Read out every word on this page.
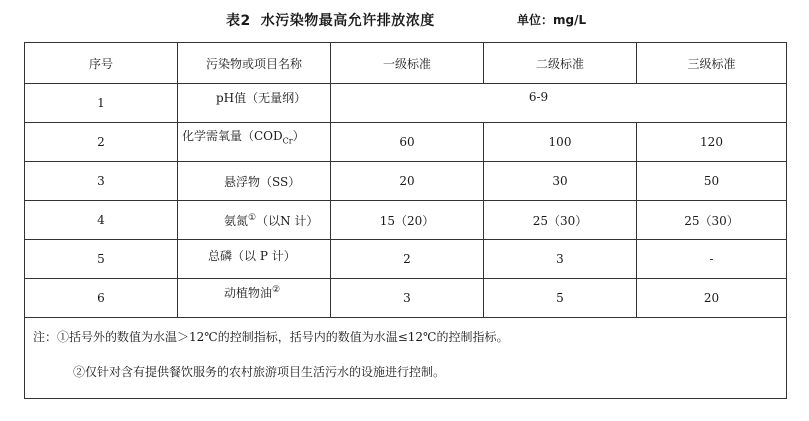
表2 水污染物最高允许排放浓度	单位：mg/L
序号	污染物或项目名称	一级标准	二级标准	三级标准
1	pH值（无量纲）	6-9		
2	化学需氧量$(COD_{Cr})$	60	100	120
3	悬浮物（SS）	20	30	50
4	氨氮①（以N 计）	15（20）	25（30）	25（30）
5	总磷（以 P 计）	2	3	-
6	动植物油②	3	5	20

注：①括号外的数值为水温＞12℃的控制指标，括号内的数值为水温≤12℃的控制指标。
②仅针对含有提供餐饮服务的农村旅游项目生活污水的设施进行控制。				
